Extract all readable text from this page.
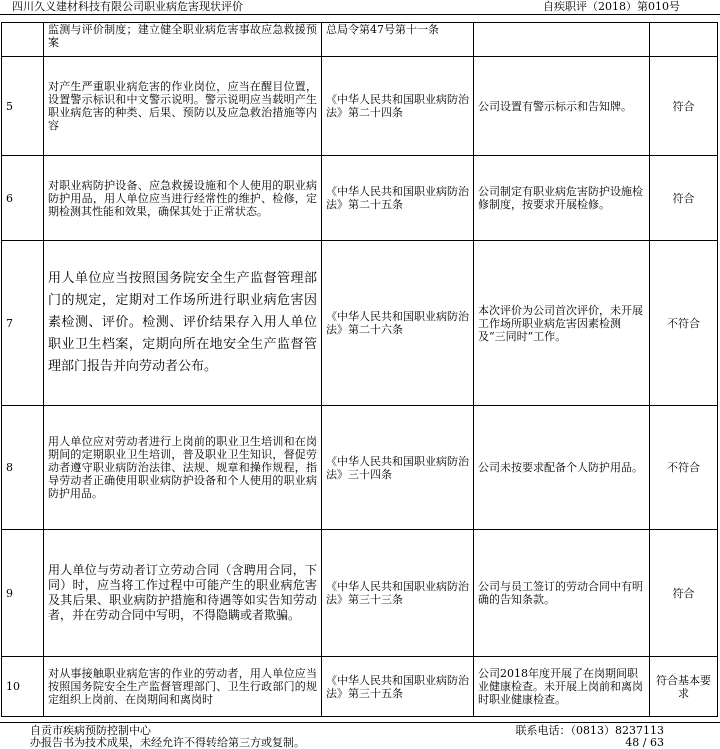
四川久义建材科技有限公司职业病危害现状评价	自疾职评（2018）第010号
	监测与评价制度；建立健全职业病危害事故应急救援预案	总局令第47号第十一条		
5	对产生严重职业病危害的作业岗位，应当在醒目位置，设置警示标识和中文警示说明。警示说明应当载明产生职业病危害的种类、后果、预防以及应急救治措施等内容	《中华人民共和国职业病防治法》第二十四条	公司设置有警示标示和告知牌。	符合
6	对职业病防护设备、应急救援设施和个人使用的职业病防护用品，用人单位应当进行经常性的维护、检修，定期检测其性能和效果，确保其处于正常状态。	《中华人民共和国职业病防治法》第二十五条	公司制定有职业病危害防护设施检修制度，按要求开展检修。	符合
7	用人单位应当按照国务院安全生产监督管理部门的规定，定期对工作场所进行职业病危害因素检测、评价。检测、评价结果存入用人单位职业卫生档案，定期向所在地安全生产监督管理部门报告并向劳动者公布。	《中华人民共和国职业病防治法》第二十六条	本次评价为公司首次评价，未开展工作场所职业病危害因素检测及“三同时”工作。	不符合
8	用人单位应对劳动者进行上岗前的职业卫生培训和在岗期间的定期职业卫生培训，普及职业卫生知识，督促劳动者遵守职业病防治法律、法规、规章和操作规程，指导劳动者正确使用职业病防护设备和个人使用的职业病防护用品。	《中华人民共和国职业病防治法》三十四条	公司未按要求配备个人防护用品。	不符合
9	用人单位与劳动者订立劳动合同（含聘用合同，下同）时，应当将工作过程中可能产生的职业病危害及其后果、职业病防护措施和待遇等如实告知劳动者，并在劳动合同中写明，不得隐瞒或者欺骗。	《中华人民共和国职业病防治法》第三十三条	公司与员工签订的劳动合同中有明确的告知条款。	符合
10	对从事接触职业病危害的作业的劳动者，用人单位应当按照国务院安全生产监督管理部门、卫生行政部门的规定组织上岗前、在岗期间和离岗时	《中华人民共和国职业病防治法》第三十五条	公司2018年度开展了在岗期间职业健康检查。未开展上岗前和离岗时职业健康检查。	符合基本要求
自贡市疾病预防控制中心	联系电话：（0813）8237113
办报告书为技术成果，未经允许不得转给第三方或复制。	48 / 63
